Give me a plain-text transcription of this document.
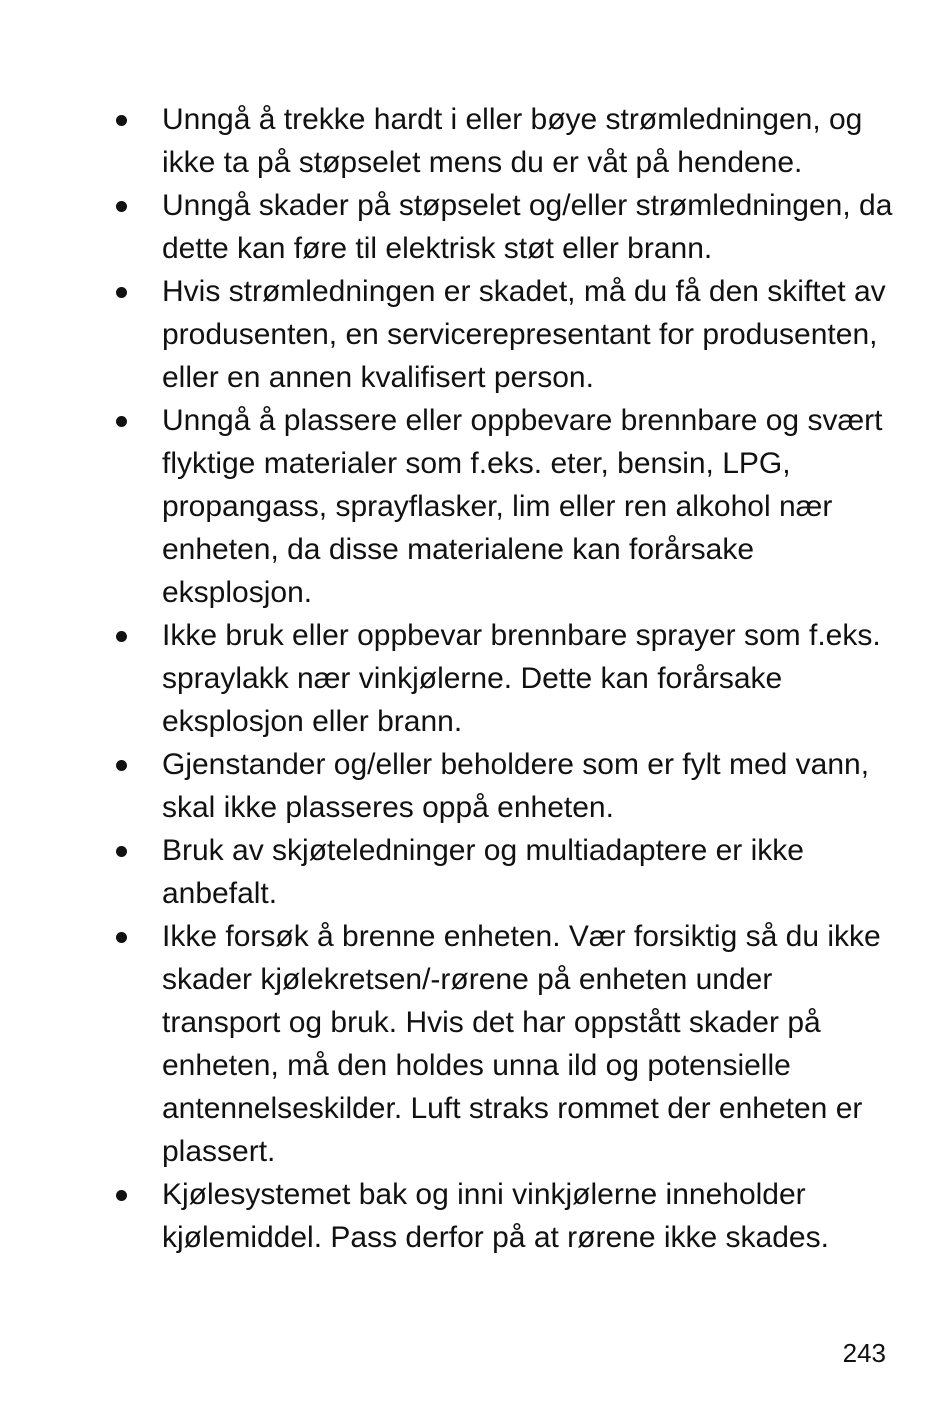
Unngå å trekke hardt i eller bøye strømledningen, og ikke ta på støpselet mens du er våt på hendene.
Unngå skader på støpselet og/eller strømledningen, da dette kan føre til elektrisk støt eller brann.
Hvis strømledningen er skadet, må du få den skiftet av produsenten, en servicerepresentant for produsenten, eller en annen kvalifisert person.
Unngå å plassere eller oppbevare brennbare og svært flyktige materialer som f.eks. eter, bensin, LPG, propangass, sprayflasker, lim eller ren alkohol nær enheten, da disse materialene kan forårsake eksplosjon.
Ikke bruk eller oppbevar brennbare sprayer som f.eks. spraylakk nær vinkjølerne. Dette kan forårsake eksplosjon eller brann.
Gjenstander og/eller beholdere som er fylt med vann, skal ikke plasseres oppå enheten.
Bruk av skjøteledninger og multiadaptere er ikke anbefalt.
Ikke forsøk å brenne enheten. Vær forsiktig så du ikke skader kjølekretsen/-rørene på enheten under transport og bruk. Hvis det har oppstått skader på enheten, må den holdes unna ild og potensielle antennelseskilder. Luft straks rommet der enheten er plassert.
Kjølesystemet bak og inni vinkjølerne inneholder kjølemiddel. Pass derfor på at rørene ikke skades.
243
